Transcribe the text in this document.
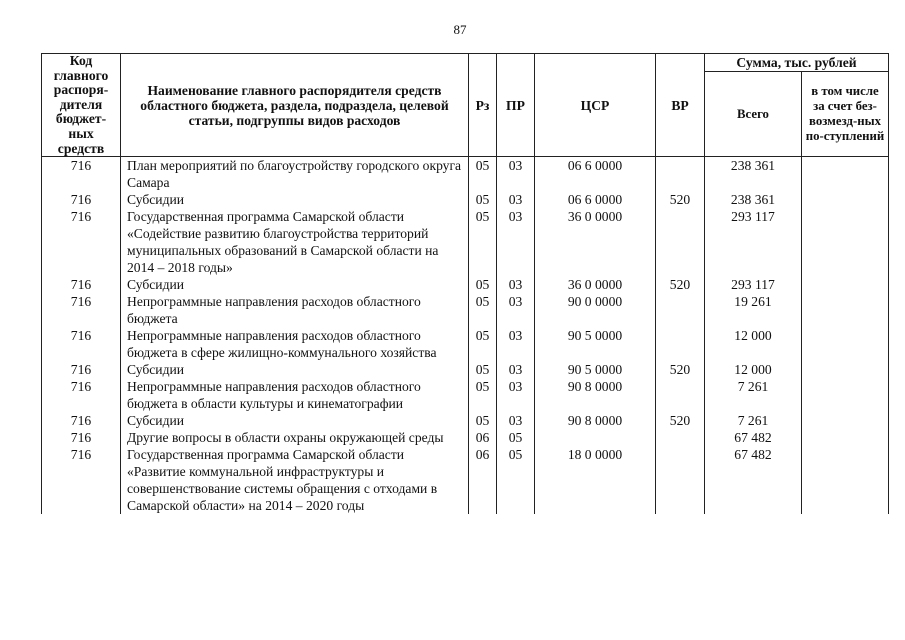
87
Код главного распоря-дителя бюджет-ных средств	Наименование главного распорядителя средств областного бюджета, раздела, подраздела, целевой статьи, подгруппы видов расходов	Рз	ПР	ЦСР	ВР	Сумма, тыс. рублей	
						Всего	в том числе за счет без-возмезд-ных по-ступлений
716	План мероприятий по благоустройству городского округа Самара	05	03	06 6 0000		238 361	
716	Субсидии	05	03	06 6 0000	520	238 361	
716	Государственная программа Самарской области «Содействие развитию благоустройства территорий муниципальных образований в Самарской области на 2014 – 2018 годы»	05	03	36 0 0000		293 117	
716	Субсидии	05	03	36 0 0000	520	293 117	
716	Непрограммные направления расходов областного бюджета	05	03	90 0 0000		19 261	
716	Непрограммные направления расходов областного бюджета в сфере жилищно-коммунального хозяйства	05	03	90 5 0000		12 000	
716	Субсидии	05	03	90 5 0000	520	12 000	
716	Непрограммные направления расходов областного бюджета в области культуры и кинематографии	05	03	90 8 0000		7 261	
716	Субсидии	05	03	90 8 0000	520	7 261	
716	Другие вопросы в области охраны окружающей среды	06	05			67 482	
716	Государственная программа Самарской области «Развитие коммунальной инфраструктуры и совершенствование системы обращения с отходами в Самарской области» на 2014 – 2020 годы	06	05	18 0 0000		67 482	
